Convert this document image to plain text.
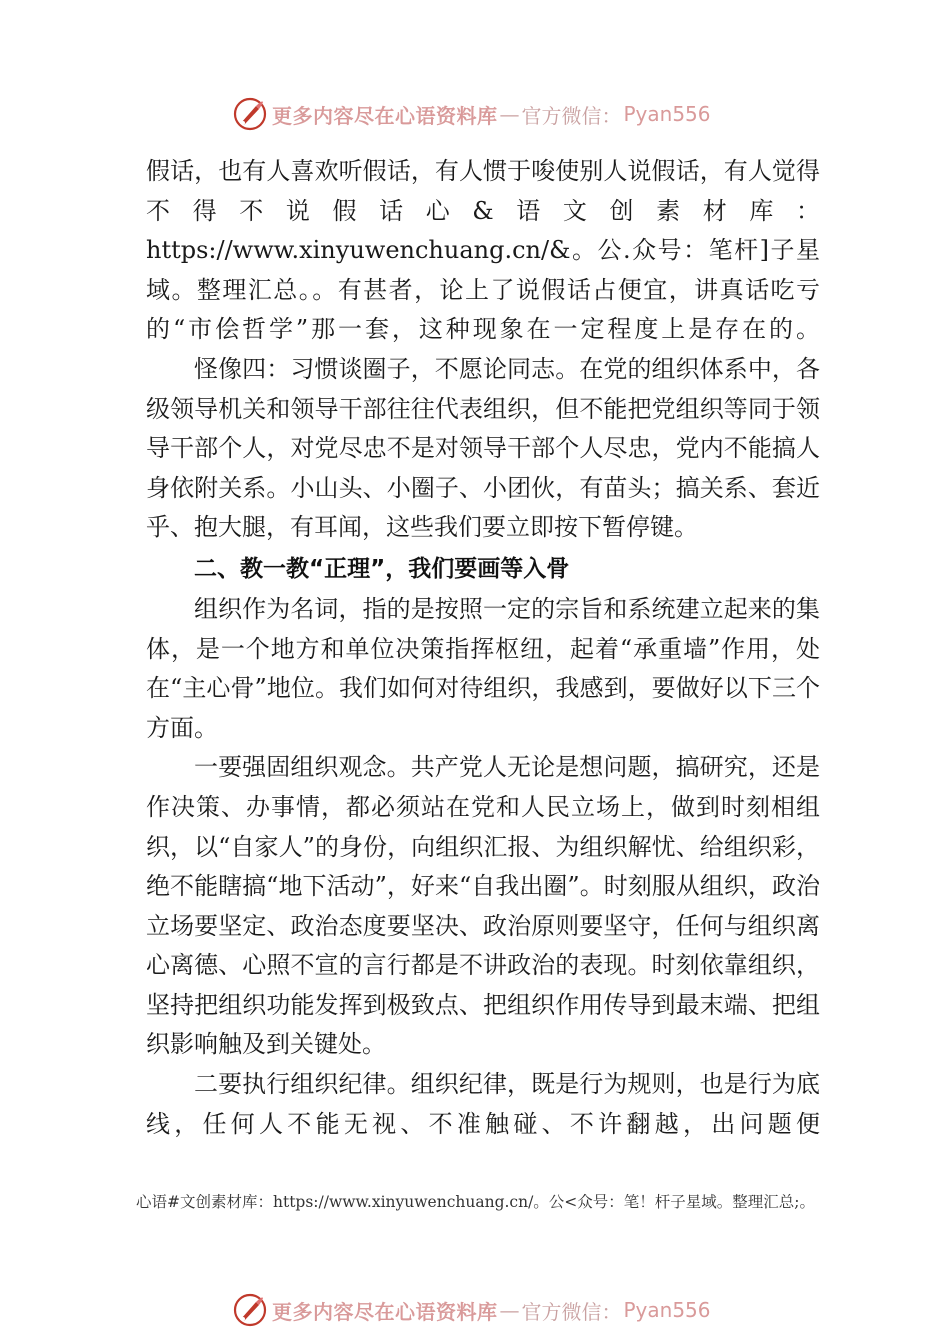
更多内容尽在心语资料库 — 官方微信： Pyan556

假话，也有人喜欢听假话，有人惯于唆使别人说假话，有人觉得不得不说假话心&语文创素材库：https://www.xinyuwenchuang.cn/&。公.众号：笔杆]子星域。整理汇总。。有甚者，论上了说假话占便宜，讲真话吃亏的“市侩哲学”那一套，这种现象在一定程度上是存在的。

怪像四：习惯谈圈子，不愿论同志。在党的组织体系中，各级领导机关和领导干部往往代表组织，但不能把党组织等同于领导干部个人，对党尽忠不是对领导干部个人尽忠，党内不能搞人身依附关系。小山头、小圈子、小团伙，有苗头；搞关系、套近乎、抱大腿，有耳闻，这些我们要立即按下暂停键。

二、教一教“正理”，我们要画等入骨

组织作为名词，指的是按照一定的宗旨和系统建立起来的集体，是一个地方和单位决策指挥枢纽，起着“承重墙”作用，处在“主心骨”地位。我们如何对待组织，我感到，要做好以下三个方面。

一要强固组织观念。共产党人无论是想问题，搞研究，还是作决策、办事情，都必须站在党和人民立场上，做到时刻相组织，以“自家人”的身份，向组织汇报、为组织解忧、给组织彩，绝不能瞎搞“地下活动”，好来“自我出圈”。时刻服从组织，政治立场要坚定、政治态度要坚决、政治原则要坚守，任何与组织离心离德、心照不宣的言行都是不讲政治的表现。时刻依靠组织，坚持把组织功能发挥到极致点、把组织作用传导到最末端、把组织影响触及到关键处。

二要执行组织纪律。组织纪律，既是行为规则，也是行为底线，任何人不能无视、不准触碰、不许翻越，出问题便

心语#文创素材库：https://www.xinyuwenchuang.cn/。公<众号：笔！杆子星域。整理汇总;。
更多内容尽在心语资料库 — 官方微信： Pyan556
